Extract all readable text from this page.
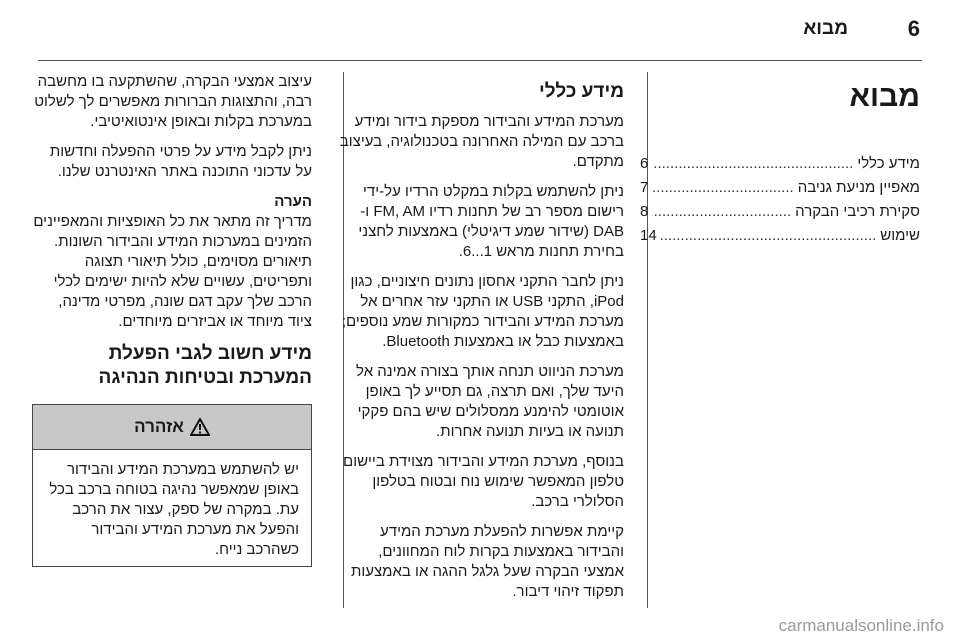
6
מבוא
מבוא
מידע כללי
.....
6
מאפיין מניעת גניבה
.....
7
סקירת רכיבי הבקרה
.....
8
שימוש
.....
14
מידע כללי

מערכת המידע והבידור מספקת בידור ומידע ברכב עם המילה האחרונה בטכנולוגיה, בעיצוב מתקדם.

ניתן להשתמש בקלות במקלט הרדיו על-ידי רישום מספר רב של תחנות רדיו FM, AM ו-DAB (שידור שמע דיגיטלי) באמצעות לחצני בחירת תחנות מראש 1...6.

ניתן לחבר התקני אחסון נתונים חיצוניים, כגון iPod, התקני USB או התקני עזר אחרים אל מערכת המידע והבידור כמקורות שמע נוספים; באמצעות כבל או באמצעות Bluetooth.

מערכת הניווט תנחה אותך בצורה אמינה אל היעד שלך, ואם תרצה, גם תסייע לך באופן אוטומטי להימנע ממסלולים שיש בהם פקקי תנועה או בעיות תנועה אחרות.

בנוסף, מערכת המידע והבידור מצוידת ביישום טלפון המאפשר שימוש נוח ובטוח בטלפון הסלולרי ברכב.

קיימת אפשרות להפעלת מערכת המידע והבידור באמצעות בקרות לוח המחוונים, אמצעי הבקרה שעל גלגל ההגה או באמצעות תפקוד זיהוי דיבור.

עיצוב אמצעי הבקרה, שהשתקעה בו מחשבה רבה, והתצוגות הברורות מאפשרים לך לשלוט במערכת בקלות ובאופן אינטואיטיבי.

ניתן לקבל מידע על פרטי ההפעלה וחדשות על עדכוני התוכנה באתר האינטרנט שלנו.

הערה

מדריך זה מתאר את כל האופציות והמאפיינים הזמינים במערכות המידע והבידור השונות. תיאורים מסוימים, כולל תיאורי תצוגה ותפריטים, עשויים שלא להיות ישימים לכלי הרכב שלך עקב דגם שונה, מפרטי מדינה, ציוד מיוחד או אביזרים מיוחדים.

מידע חשוב לגבי הפעלת המערכת ובטיחות הנהיגה
אזהרה
יש להשתמש במערכת המידע והבידור באופן שמאפשר נהיגה בטוחה ברכב בכל עת. במקרה של ספק, עצור את הרכב והפעל את מערכת המידע והבידור כשהרכב נייח.
carmanualsonline.info
